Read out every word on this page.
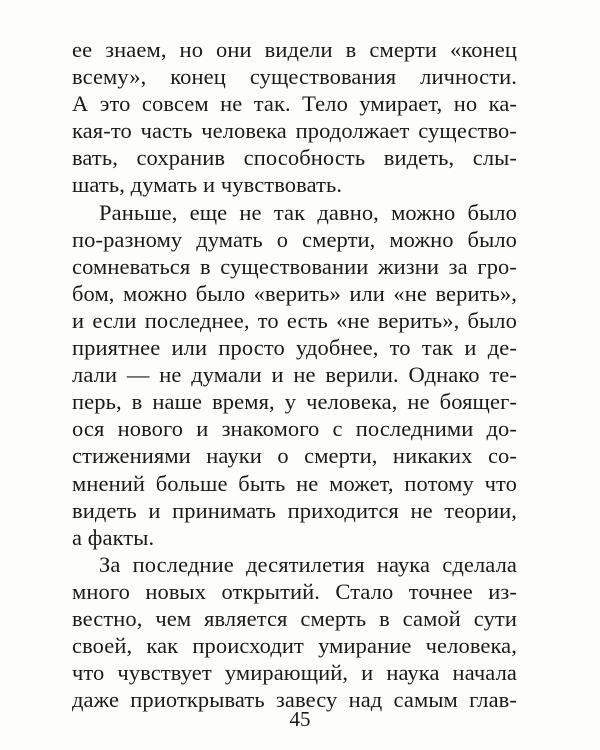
ее знаем, но они видели в смерти «конец
всему», конец существования личности.
А это совсем не так. Тело умирает, но ка-
кая-то часть человека продолжает существо-
вать, сохранив способность видеть, слы-
шать, думать и чувствовать.
Раньше, еще не так давно, можно было
по-разному думать о смерти, можно было
сомневаться в существовании жизни за гро-
бом, можно было «верить» или «не верить»,
и если последнее, то есть «не верить», было
приятнее или просто удобнее, то так и де-
лали — не думали и не верили. Однако те-
перь, в наше время, у человека, не боящег-
ося нового и знакомого с последними до-
стижениями науки о смерти, никаких со-
мнений больше быть не может, потому что
видеть и принимать приходится не теории,
а факты.
За последние десятилетия наука сделала
много новых открытий. Стало точнее из-
вестно, чем является смерть в самой сути
своей, как происходит умирание человека,
что чувствует умирающий, и наука начала
даже приоткрывать завесу над самым глав-
45
